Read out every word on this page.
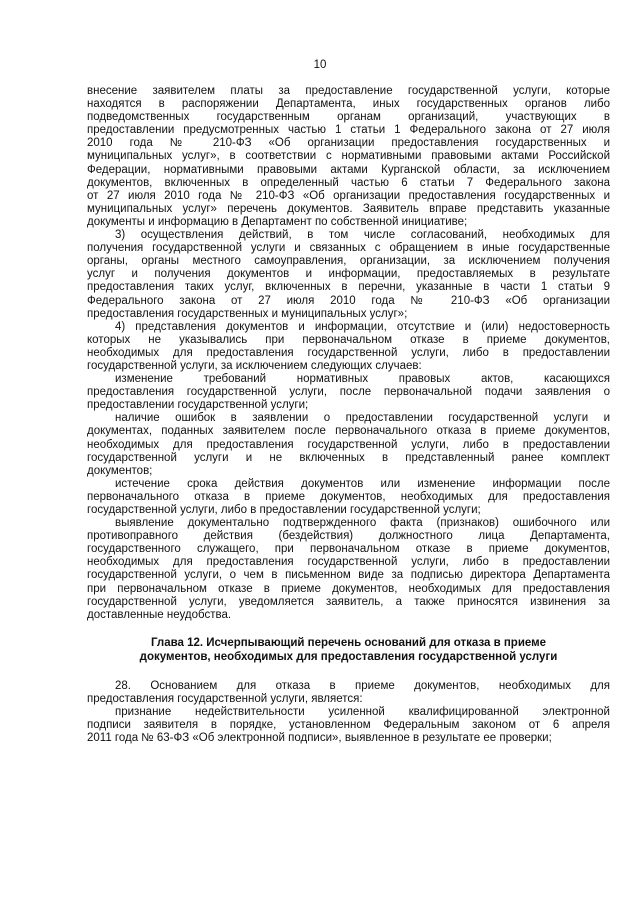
10
внесение заявителем платы за предоставление государственной услуги, которые
находятся в распоряжении Департамента, иных государственных органов либо
подведомственных государственным органам организаций, участвующих в
предоставлении предусмотренных частью 1 статьи 1 Федерального закона от 27 июля
2010 года № 210-ФЗ «Об организации предоставления государственных и
муниципальных услуг», в соответствии с нормативными правовыми актами Российской
Федерации, нормативными правовыми актами Курганской области, за исключением
документов, включенных в определенный частью 6 статьи 7 Федерального закона
от 27 июля 2010 года № 210-ФЗ «Об организации предоставления государственных и
муниципальных услуг» перечень документов. Заявитель вправе представить указанные
документы и информацию в Департамент по собственной инициативе;
3) осуществления действий, в том числе согласований, необходимых для
получения государственной услуги и связанных с обращением в иные государственные
органы, органы местного самоуправления, организации, за исключением получения
услуг и получения документов и информации, предоставляемых в результате
предоставления таких услуг, включенных в перечни, указанные в части 1 статьи 9
Федерального закона от 27 июля 2010 года № 210-ФЗ «Об организации
предоставления государственных и муниципальных услуг»;
4) представления документов и информации, отсутствие и (или) недостоверность
которых не указывались при первоначальном отказе в приеме документов,
необходимых для предоставления государственной услуги, либо в предоставлении
государственной услуги, за исключением следующих случаев:
изменение требований нормативных правовых актов, касающихся
предоставления государственной услуги, после первоначальной подачи заявления о
предоставлении государственной услуги;
наличие ошибок в заявлении о предоставлении государственной услуги и
документах, поданных заявителем после первоначального отказа в приеме документов,
необходимых для предоставления государственной услуги, либо в предоставлении
государственной услуги и не включенных в представленный ранее комплект
документов;
истечение срока действия документов или изменение информации после
первоначального отказа в приеме документов, необходимых для предоставления
государственной услуги, либо в предоставлении государственной услуги;
выявление документально подтвержденного факта (признаков) ошибочного или
противоправного действия (бездействия) должностного лица Департамента,
государственного служащего, при первоначальном отказе в приеме документов,
необходимых для предоставления государственной услуги, либо в предоставлении
государственной услуги, о чем в письменном виде за подписью директора Департамента
при первоначальном отказе в приеме документов, необходимых для предоставления
государственной услуги, уведомляется заявитель, а также приносятся извинения за
доставленные неудобства.
Глава 12. Исчерпывающий перечень оснований для отказа в приеме
документов, необходимых для предоставления государственной услуги
28. Основанием для отказа в приеме документов, необходимых для
предоставления государственной услуги, является:
признание недействительности усиленной квалифицированной электронной
подписи заявителя в порядке, установленном Федеральным законом от 6 апреля
2011 года № 63-ФЗ «Об электронной подписи», выявленное в результате ее проверки;
